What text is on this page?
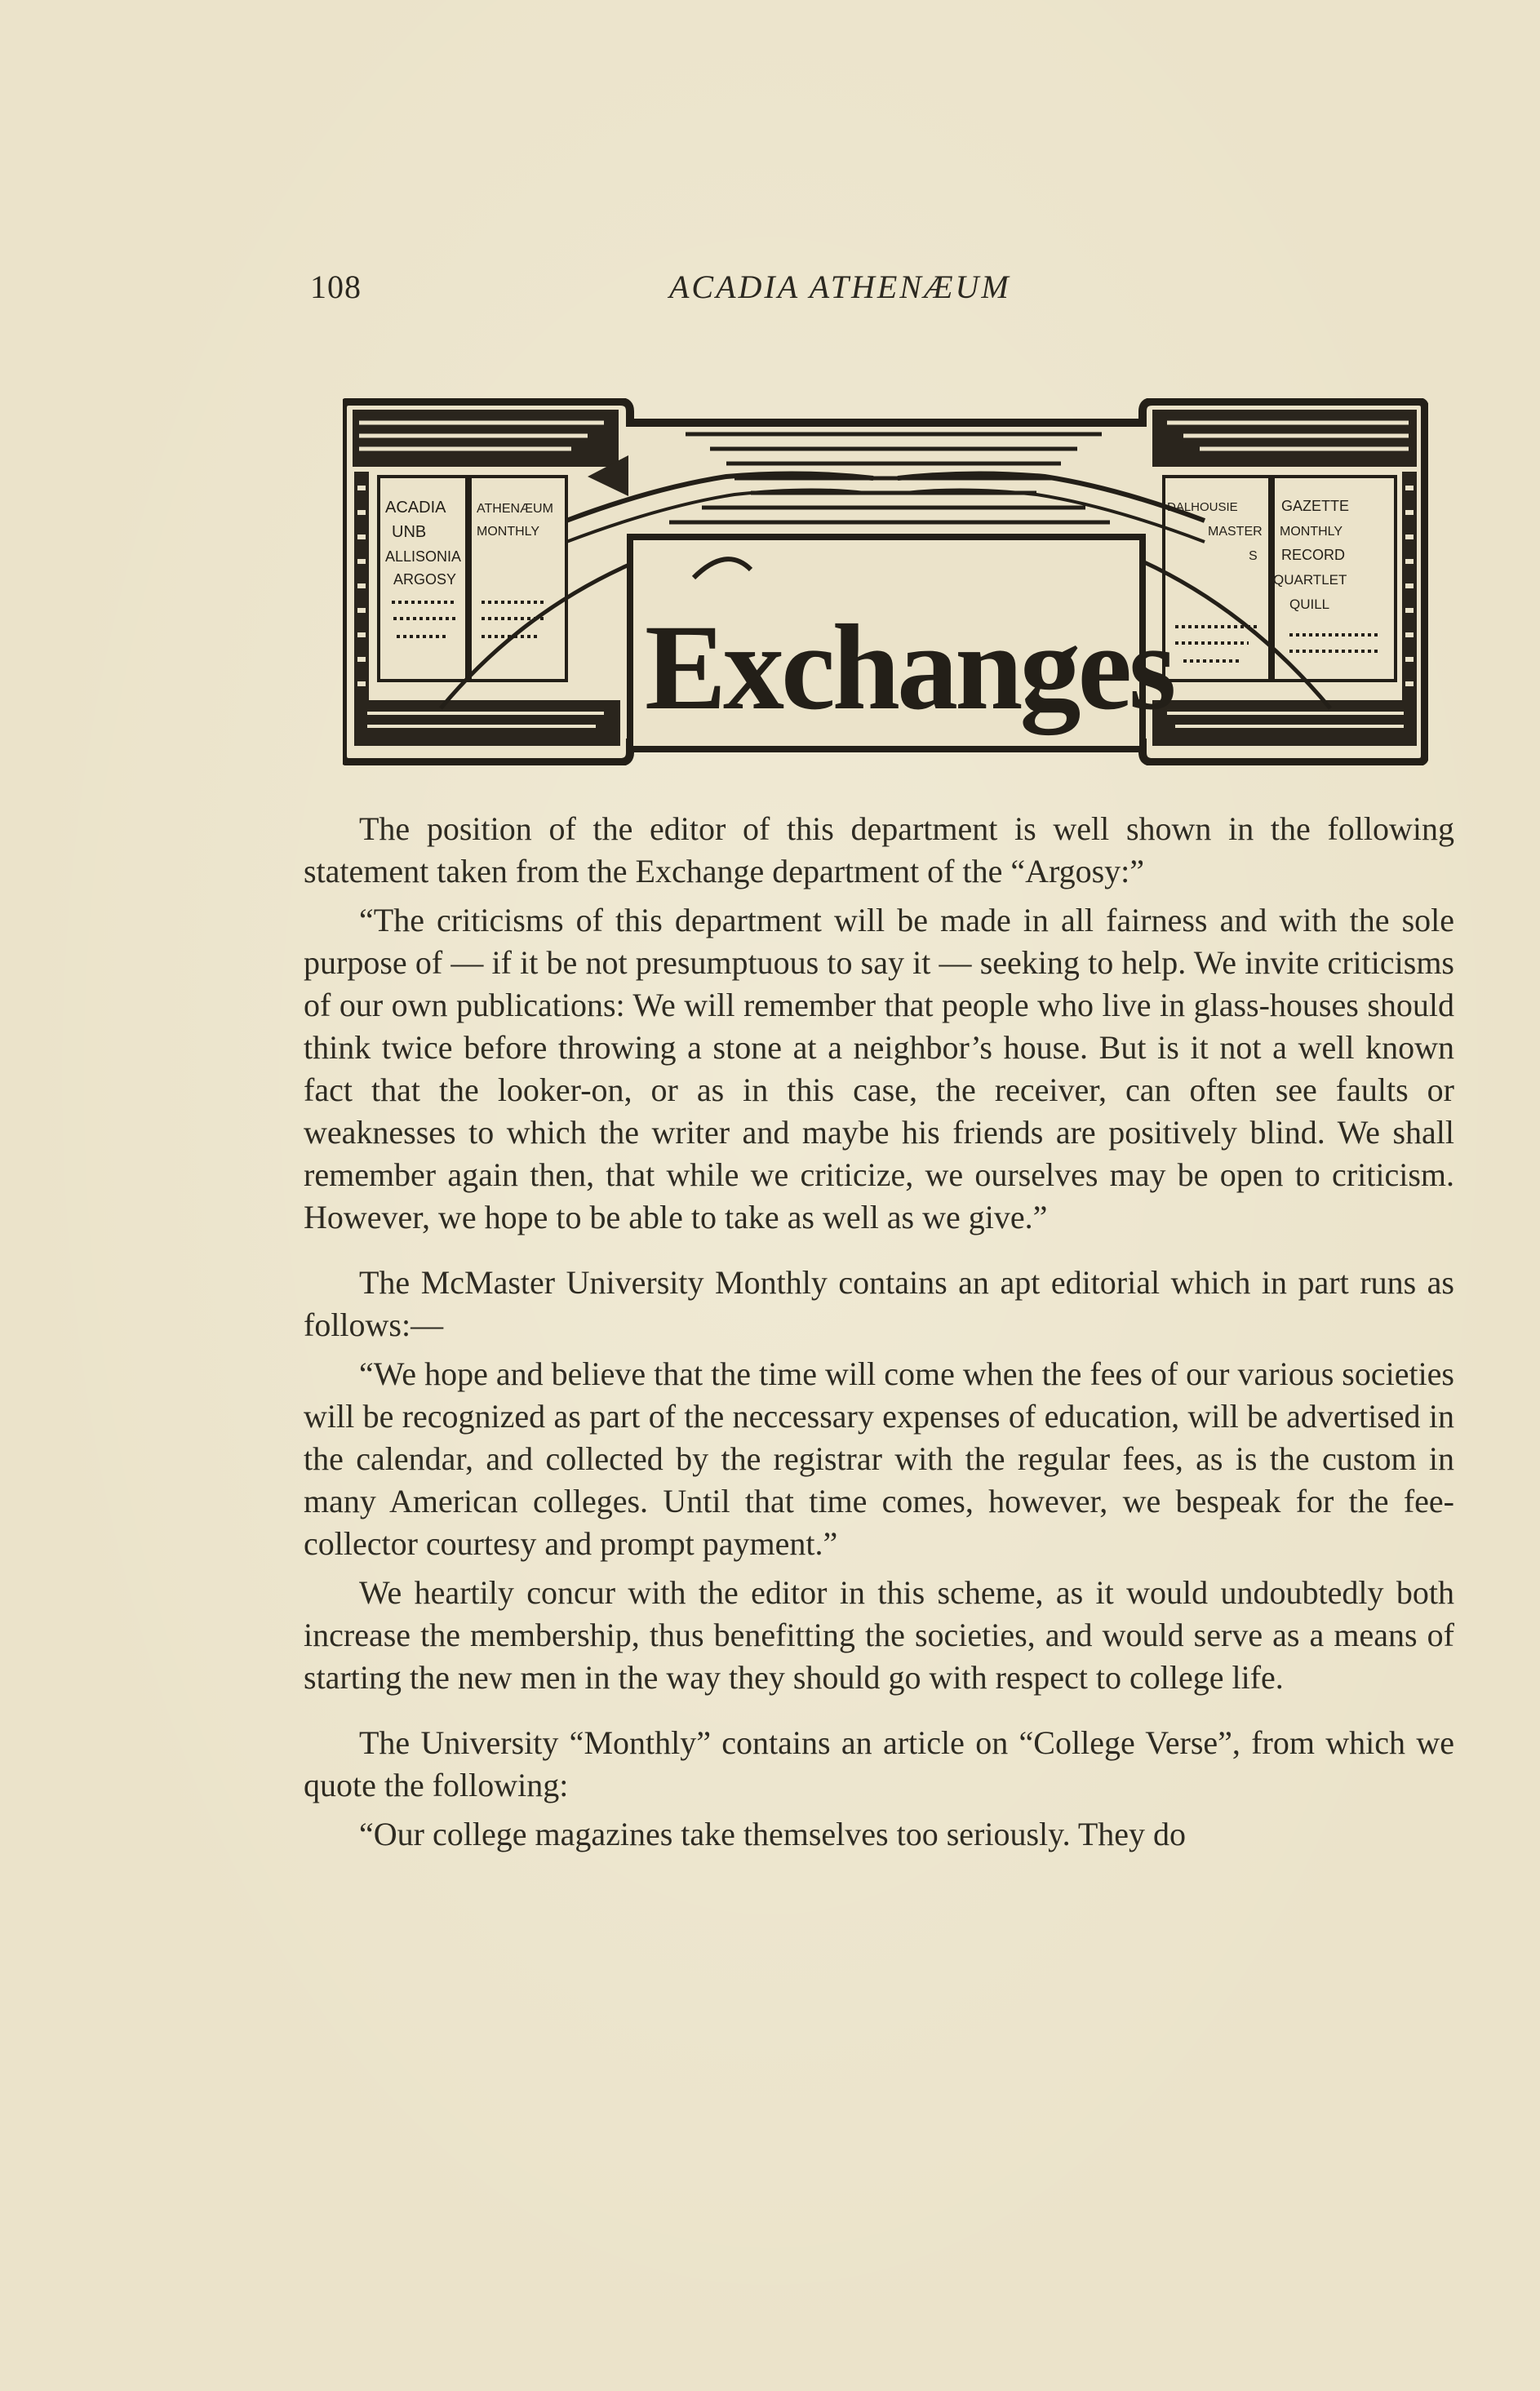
108	ACADIA ATHENÆUM
ACADIA ATHENÆUM
UNB	MONTHLY
ALLISONIA
ARGOSY
DALHOUSIE	GAZETTE
MASTER MONTHLY
S RECORD
QUARTLET
QUILL
Exchanges

The position of the editor of this department is well shown in the following statement taken from the Exchange department of the “Argosy:”

“The criticisms of this department will be made in all fairness and with the sole purpose of — if it be not presumptuous to say it — seeking to help. We invite criticisms of our own publications: We will remember that people who live in glass-houses should think twice before throwing a stone at a neighbor’s house. But is it not a well known fact that the looker-on, or as in this case, the receiver, can often see faults or weaknesses to which the writer and maybe his friends are positively blind. We shall remember again then, that while we criticize, we ourselves may be open to criticism. However, we hope to be able to take as well as we give.”

The McMaster University Monthly contains an apt editorial which in part runs as follows:—

“We hope and believe that the time will come when the fees of our various societies will be recognized as part of the neccessary expenses of education, will be advertised in the calendar, and collected by the registrar with the regular fees, as is the custom in many American colleges. Until that time comes, however, we bespeak for the fee-collector courtesy and prompt payment.”

We heartily concur with the editor in this scheme, as it would undoubtedly both increase the membership, thus benefitting the societies, and would serve as a means of starting the new men in the way they should go with respect to college life.

The University “Monthly” contains an article on “College Verse”, from which we quote the following:

“Our college magazines take themselves too seriously. They do
